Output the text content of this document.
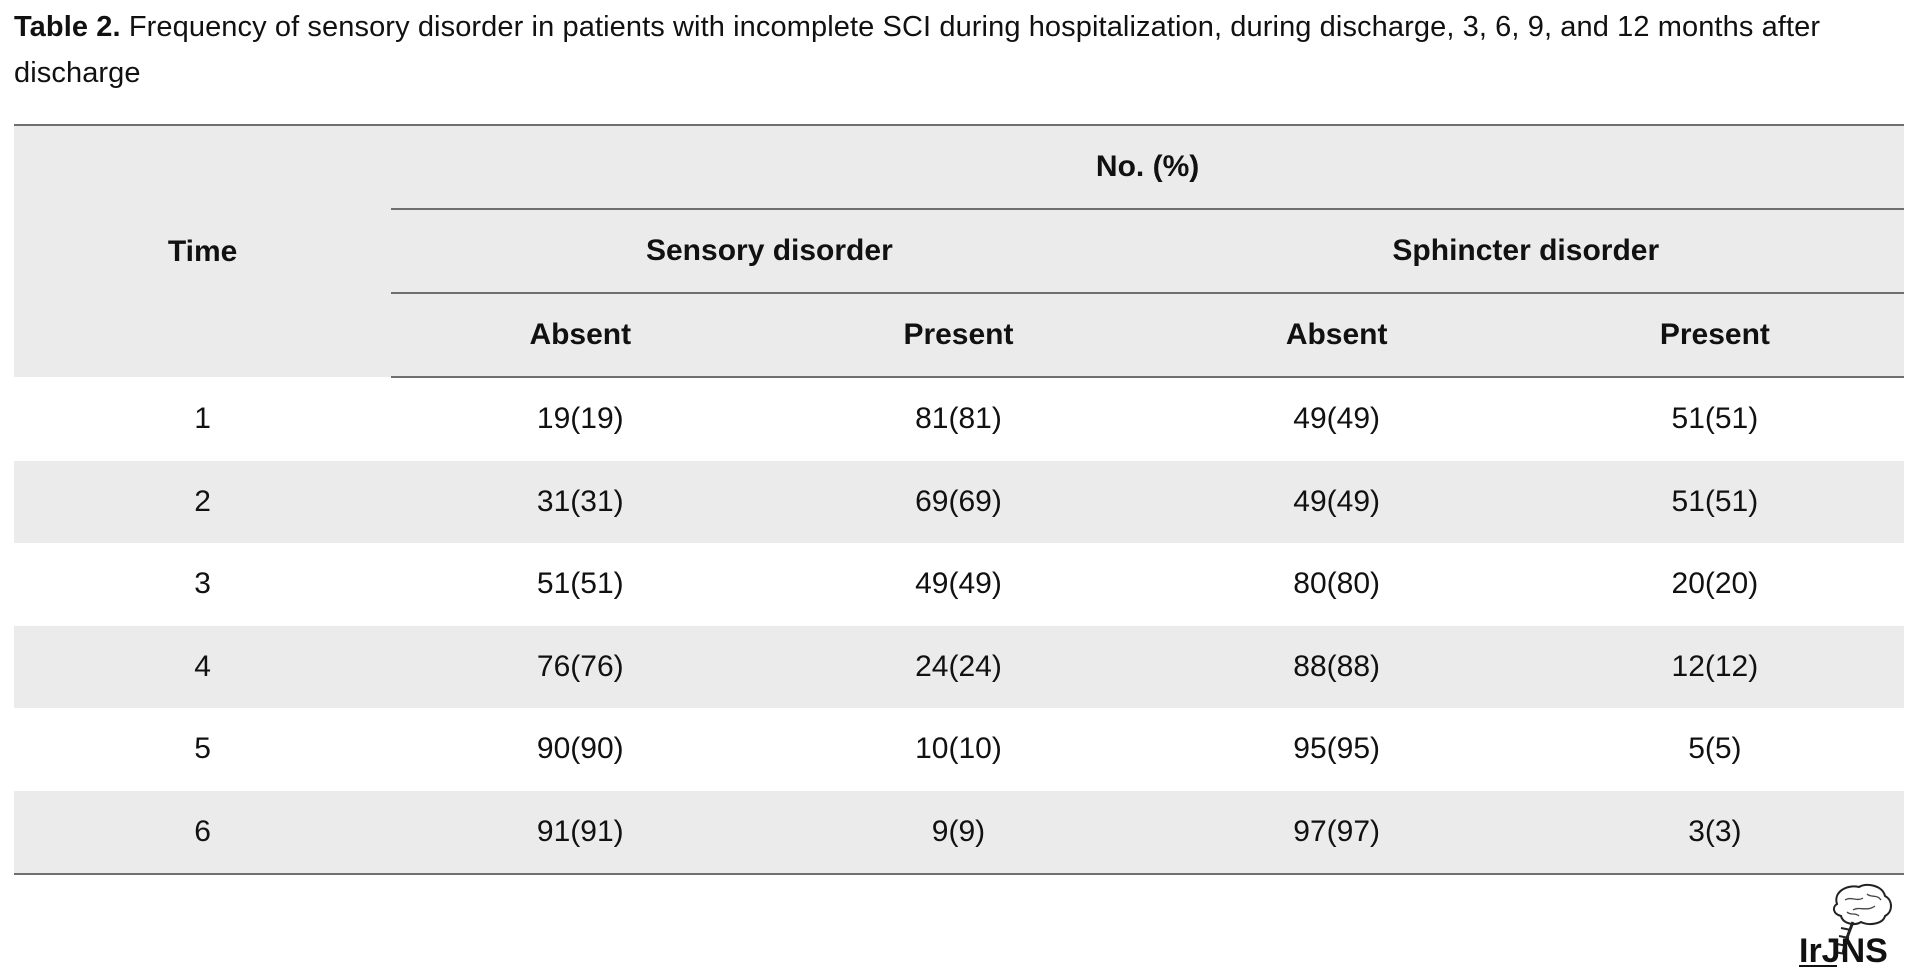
Table 2. Frequency of sensory disorder in patients with incomplete SCI during hospitalization, during discharge, 3, 6, 9, and 12 months after discharge
Time	No. (%)			
	Sensory disorder		Sphincter disorder	
	Absent	Present	Absent	Present
1	19(19)	81(81)	49(49)	51(51)
2	31(31)	69(69)	49(49)	51(51)
3	51(51)	49(49)	80(80)	20(20)
4	76(76)	24(24)	88(88)	12(12)
5	90(90)	10(10)	95(95)	5(5)
6	91(91)	9(9)	97(97)	3(3)
IrJNS
